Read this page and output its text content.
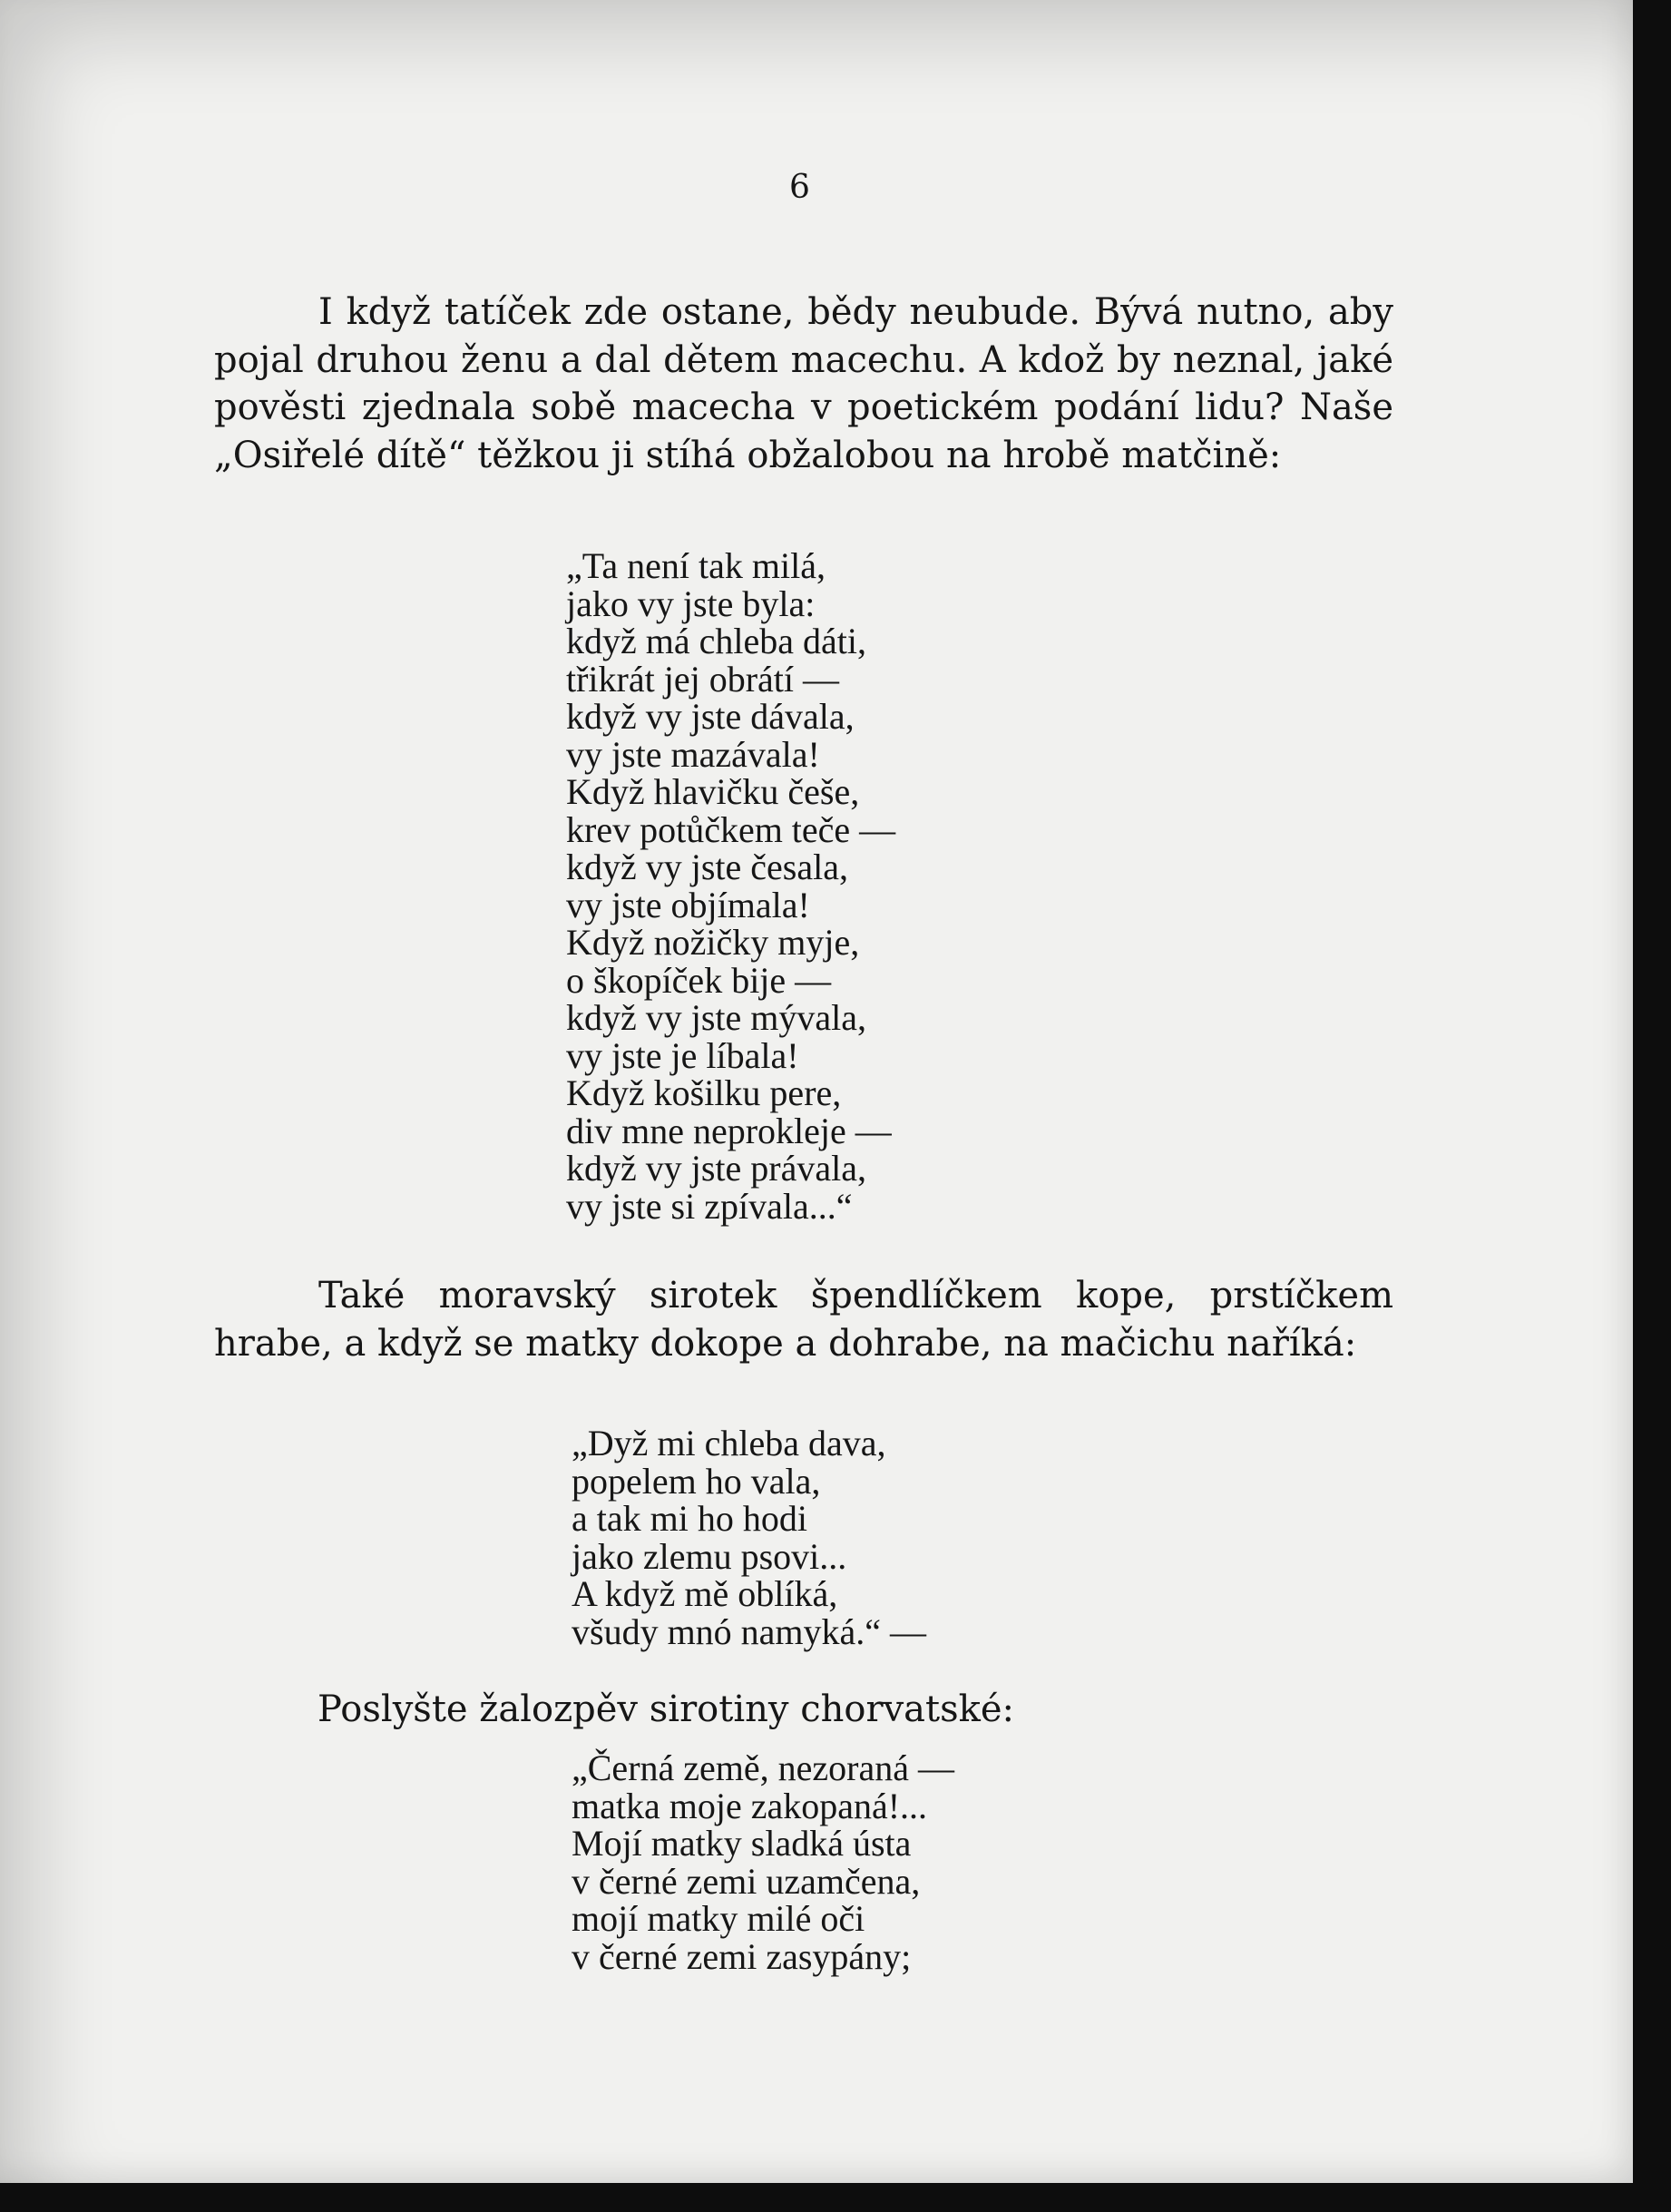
6

I když tatíček zde ostane, bědy neubude. Bývá nutno, aby pojal druhou ženu a dal dětem macechu. A kdož by neznal, jaké pověsti zjednala sobě macecha v poetickém podání lidu? Naše „Osiřelé dítě“ těžkou ji stíhá obžalobou na hrobě matčině:

„Ta není tak milá,
jako vy jste byla:
když má chleba dáti,
třikrát jej obrátí —
když vy jste dávala,
vy jste mazávala!
Když hlavičku češe,
krev potůčkem teče —
když vy jste česala,
vy jste objímala!
Když nožičky myje,
o škopíček bije —
když vy jste mývala,
vy jste je líbala!
Když košilku pere,
div mne neprokleje —
když vy jste právala,
vy jste si zpívala...“

Také moravský sirotek špendlíčkem kope, prstíčkem hrabe, a když se matky dokope a dohrabe, na mačichu naříká:

„Dyž mi chleba dava,
popelem ho vala,
a tak mi ho hodi
jako zlemu psovi...
A když mě oblíká,
všudy mnó namyká.“ —
Poslyšte žalozpěv sirotiny chorvatské:
„Černá země, nezoraná —
matka moje zakopaná!...
Mojí matky sladká ústa
v černé zemi uzamčena,
mojí matky milé oči
v černé zemi zasypány;
